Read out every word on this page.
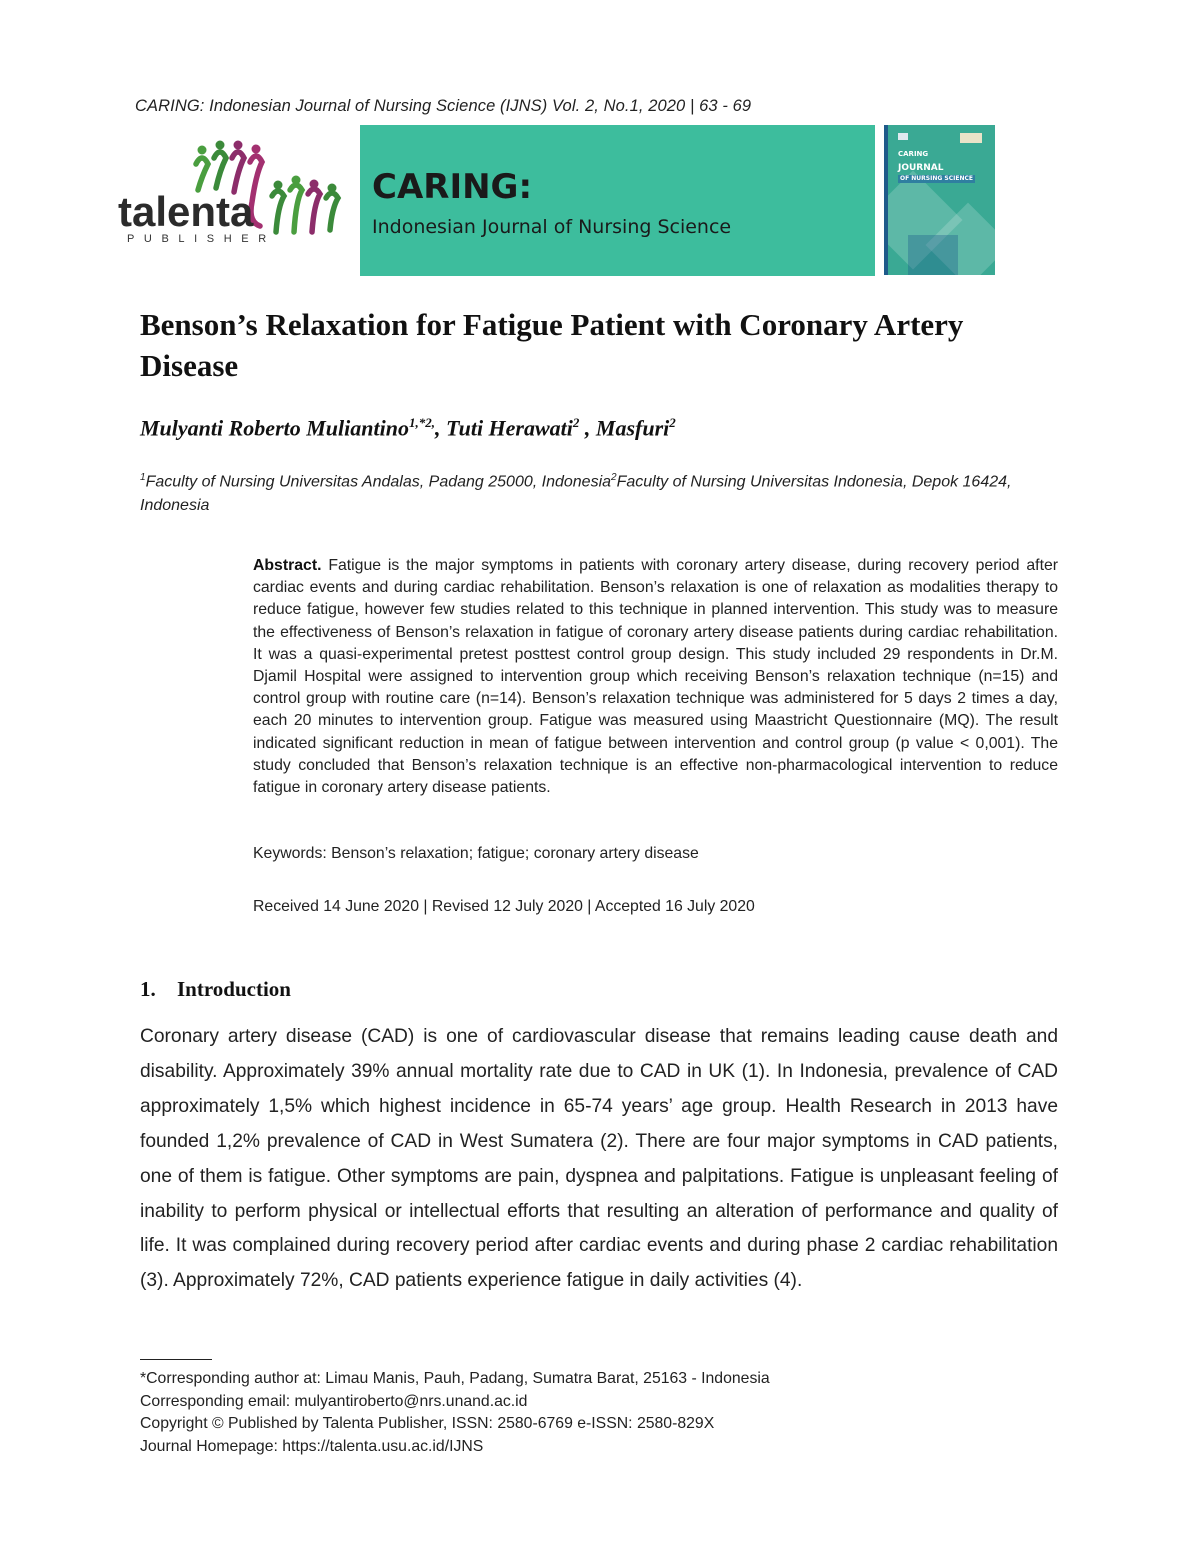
CARING: Indonesian Journal of Nursing Science (IJNS) Vol. 2, No.1, 2020 | 63 - 69
talenta
PUBLISHER
CARING:
Indonesian Journal of Nursing Science
CARING
JOURNAL
OF NURSING SCIENCE
Benson’s Relaxation for Fatigue Patient with Coronary Artery Disease
Mulyanti Roberto Muliantino$^{1,*2,}$, Tuti Herawati$^2$ , Masfuri$^2$
$^1$Faculty of Nursing Universitas Andalas, Padang 25000, Indonesia$^2$Faculty of Nursing Universitas Indonesia, Depok 16424, Indonesia
Abstract. Fatigue is the major symptoms in patients with coronary artery disease, during recovery period after cardiac events and during cardiac rehabilitation. Benson’s relaxation is one of relaxation as modalities therapy to reduce fatigue, however few studies related to this technique in planned intervention. This study was to measure the effectiveness of Benson’s relaxation in fatigue of coronary artery disease patients during cardiac rehabilitation. It was a quasi-experimental pretest posttest control group design. This study included 29 respondents in Dr.M. Djamil Hospital were assigned to intervention group which receiving Benson’s relaxation technique (n=15) and control group with routine care (n=14). Benson’s relaxation technique was administered for 5 days 2 times a day, each 20 minutes to intervention group. Fatigue was measured using Maastricht Questionnaire (MQ). The result indicated significant reduction in mean of fatigue between intervention and control group (p value < 0,001). The study concluded that Benson’s relaxation technique is an effective non-pharmacological intervention to reduce fatigue in coronary artery disease patients.
Keywords: Benson’s relaxation; fatigue; coronary artery disease
Received 14 June 2020 | Revised 12 July 2020 | Accepted 16 July 2020
1. Introduction
Coronary artery disease (CAD) is one of cardiovascular disease that remains leading cause death and disability. Approximately 39% annual mortality rate due to CAD in UK (1). In Indonesia, prevalence of CAD approximately 1,5% which highest incidence in 65-74 years’ age group. Health Research in 2013 have founded 1,2% prevalence of CAD in West Sumatera (2). There are four major symptoms in CAD patients, one of them is fatigue. Other symptoms are pain, dyspnea and palpitations. Fatigue is unpleasant feeling of inability to perform physical or intellectual efforts that resulting an alteration of performance and quality of life. It was complained during recovery period after cardiac events and during phase 2 cardiac rehabilitation (3). Approximately 72%, CAD patients experience fatigue in daily activities (4).
*Corresponding author at: Limau Manis, Pauh, Padang, Sumatra Barat, 25163 - Indonesia
Corresponding email: mulyantiroberto@nrs.unand.ac.id
Copyright © Published by Talenta Publisher, ISSN: 2580-6769 e-ISSN: 2580-829X
Journal Homepage: https://talenta.usu.ac.id/IJNS
